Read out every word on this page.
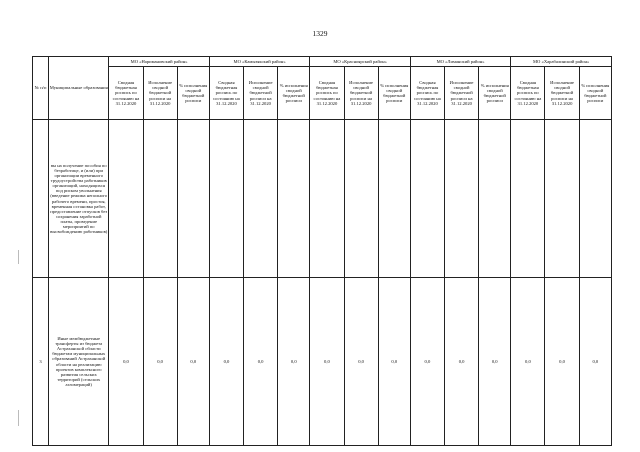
1329
№ п/п	Муниципальные образования	МО «Наримановский район»			МО «Камызякский район»			МО «Красноярский район»			МО «Лиманский район»			МО «Харабалинский район»		
		Сводная бюджетная роспись по состоянию на 31.12.2020	Исполнение сводной бюджетной росписи на 31.12.2020	% исполнения сводной бюджетной росписи	Сводная бюджетная роспись по состоянию на 31.12.2020	Исполнение сводной бюджетной росписи на 31.12.2020	% исполнения сводной бюджетной росписи	Сводная бюджетная роспись по состоянию на 31.12.2020	Исполнение сводной бюджетной росписи на 31.12.2020	% исполнения сводной бюджетной росписи	Сводная бюджетная роспись по состоянию на 31.12.2020	Исполнение сводной бюджетной росписи на 31.12.2020	% исполнения сводной бюджетной росписи	Сводная бюджетная роспись по состоянию на 31.12.2020	Исполнение сводной бюджетной росписи на 31.12.2020	% исполнения сводной бюджетной росписи
	вы на получение пособия по безработице, и (или) при организации временного трудоустройства работников организаций, находящихся под риском увольнения (введение режима неполного рабочего времени, простоя, временная остановка работ, предоставление отпусков без сохранения заработной платы, проведение мероприятий по высвобождению работников)															
3	Иные межбюджетные трансферты из бюджета Астраханской области бюджетам муниципальных образований Астраханской области на реализацию проектов комплексного развития сельских территорий (сельских агломераций)	0,0	0,0	0,0	0,0	0,0	0,0	0,0	0,0	0,0	0,0	0,0	0,0	0,0	0,0	0,0
